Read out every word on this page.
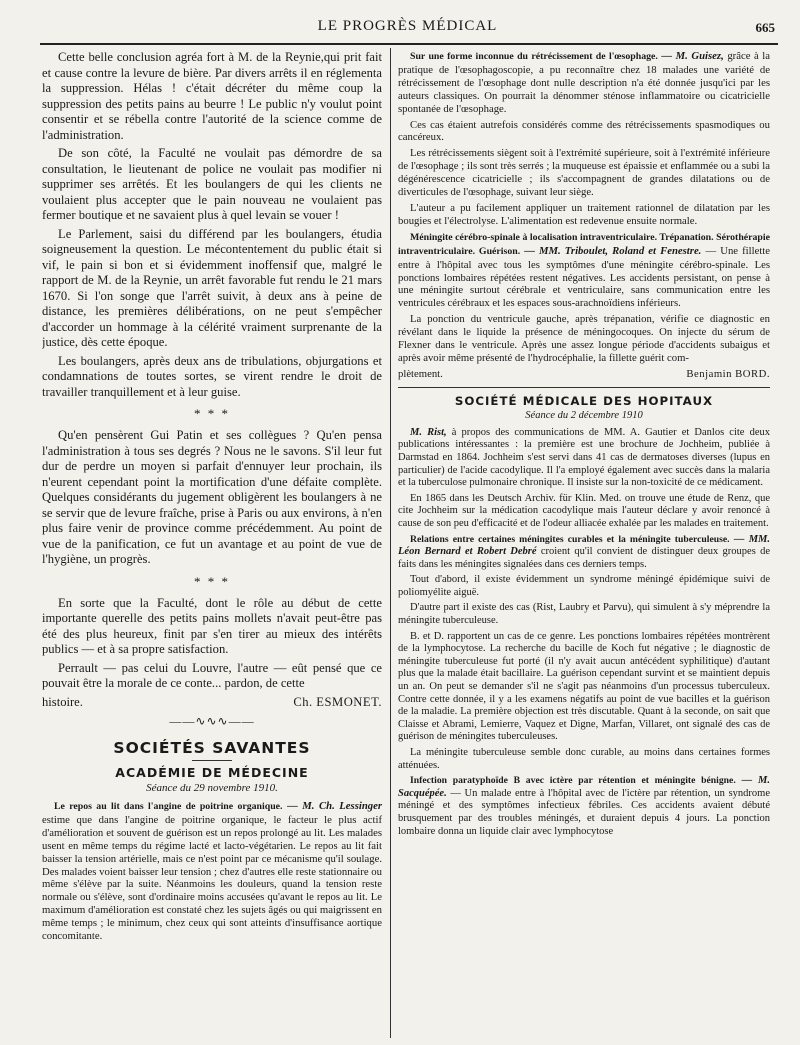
LE PROGRÈS MÉDICAL	665

Cette belle conclusion agréa fort à M. de la Reynie,qui prit fait et cause contre la levure de bière. Par divers arrêts il en réglementa la suppression. Hélas ! c'était décréter du même coup la suppression des petits pains au beurre ! Le public n'y voulut point consentir et se rébella contre l'autorité de la science comme de l'administration.

De son côté, la Faculté ne voulait pas démordre de sa consultation, le lieutenant de police ne voulait pas modifier ni supprimer ses arrêtés. Et les boulangers de qui les clients ne voulaient plus accepter que le pain nouveau ne voulaient pas fermer boutique et ne savaient plus à quel levain se vouer !

Le Parlement, saisi du différend par les boulangers, étudia soigneusement la question. Le mécontentement du public était si vif, le pain si bon et si évidemment inoffensif que, malgré le rapport de M. de la Reynie, un arrêt favorable fut rendu le 21 mars 1670. Si l'on songe que l'arrêt suivit, à deux ans à peine de distance, les premières délibérations, on ne peut s'empêcher d'accorder un hommage à la célérité vraiment surprenante de la justice, dès cette époque.

Les boulangers, après deux ans de tribulations, objurgations et condamnations de toutes sortes, se virent rendre le droit de travailler tranquillement et à leur guise.

* * *

Qu'en pensèrent Gui Patin et ses collègues ? Qu'en pensa l'administration à tous ses degrés ? Nous ne le savons. S'il leur fut dur de perdre un moyen si parfait d'ennuyer leur prochain, ils n'eurent cependant point la mortification d'une défaite complète. Quelques considérants du jugement obligèrent les boulangers à ne se servir que de levure fraîche, prise à Paris ou aux environs, à n'en plus faire venir de province comme précédemment. Au point de vue de la panification, ce fut un avantage et au point de vue de l'hygiène, un progrès.

* * *

En sorte que la Faculté, dont le rôle au début de cette importante querelle des petits pains mollets n'avait peut-être pas été des plus heureux, finit par s'en tirer au mieux des intérêts publics — et à sa propre satisfaction.

Perrault — pas celui du Louvre, l'autre — eût pensé que ce pouvait être la morale de ce conte... pardon, de cette

histoire.	Ch. ESMONET.
——∿∿∿——
SOCIÉTÉS SAVANTES
ACADÉMIE DE MÉDECINE
Séance du 29 novembre 1910.

Le repos au lit dans l'angine de poitrine organique. — M. Ch. Lessinger estime que dans l'angine de poitrine organique, le facteur le plus actif d'amélioration et souvent de guérison est un repos prolongé au lit. Les malades usent en même temps du régime lacté et lacto-végétarien. Le repos au lit fait baisser la tension artérielle, mais ce n'est point par ce mécanisme qu'il soulage. Des malades voient baisser leur tension ; chez d'autres elle reste stationnaire ou même s'élève par la suite. Néanmoins les douleurs, quand la tension reste normale ou s'élève, sont d'ordinaire moins accusées qu'avant le repos au lit. Le maximum d'amélioration est constaté chez les sujets âgés ou qui maigrissent en même temps ; le minimum, chez ceux qui sont atteints d'insuffisance aortique concomitante.

Sur une forme inconnue du rétrécissement de l'œsophage. — M. Guisez, grâce à la pratique de l'œsophagoscopie, a pu reconnaître chez 18 malades une variété de rétrécissement de l'œsophage dont nulle description n'a été donnée jusqu'ici par les auteurs classiques. On pourrait la dénommer sténose inflammatoire ou cicatricielle spontanée de l'œsophage.

Ces cas étaient autrefois considérés comme des rétrécissements spasmodiques ou cancéreux.

Les rétrécissements siègent soit à l'extrémité supérieure, soit à l'extrémité inférieure de l'œsophage ; ils sont très serrés ; la muqueuse est épaissie et enflammée ou a subi la dégénérescence cicatricielle ; ils s'accompagnent de grandes dilatations ou de diverticules de l'œsophage, suivant leur siège.

L'auteur a pu facilement appliquer un traitement rationnel de dilatation par les bougies et l'électrolyse. L'alimentation est redevenue ensuite normale.

Méningite cérébro-spinale à localisation intraventriculaire. Trépanation. Sérothérapie intraventriculaire. Guérison. — MM. Triboulet, Roland et Fenestre. — Une fillette entre à l'hôpital avec tous les symptômes d'une méningite cérébro-spinale. Les ponctions lombaires répétées restent négatives. Les accidents persistant, on pense à une méningite surtout cérébrale et ventriculaire, sans communication entre les ventricules cérébraux et les espaces sous-arachnoïdiens inférieurs.

La ponction du ventricule gauche, après trépanation, vérifie ce diagnostic en révélant dans le liquide la présence de méningocoques. On injecte du sérum de Flexner dans le ventricule. Après une assez longue période d'accidents subaigus et après avoir même présenté de l'hydrocéphalie, la fillette guérit com-

plètement.	Benjamin BORD.
SOCIÉTÉ MÉDICALE DES HOPITAUX
Séance du 2 décembre 1910

M. Rist, à propos des communications de MM. A. Gautier et Danlos cite deux publications intéressantes : la première est une brochure de Jochheim, publiée à Darmstad en 1864. Jochheim s'est servi dans 41 cas de dermatoses diverses (lupus en particulier) de l'acide cacodylique. Il l'a employé également avec succès dans la malaria et la tuberculose pulmonaire chronique. Il insiste sur la non-toxicité de ce médicament.

En 1865 dans les Deutsch Archiv. für Klin. Med. on trouve une étude de Renz, que cite Jochheim sur la médication cacodylique mais l'auteur déclare y avoir renoncé à cause de son peu d'efficacité et de l'odeur alliacée exhalée par les malades en traitement.

Relations entre certaines méningites curables et la méningite tuberculeuse. — MM. Léon Bernard et Robert Debré croient qu'il convient de distinguer deux groupes de faits dans les méningites signalées dans ces derniers temps.

Tout d'abord, il existe évidemment un syndrome méningé épidémique suivi de poliomyélite aiguë.

D'autre part il existe des cas (Rist, Laubry et Parvu), qui simulent à s'y méprendre la méningite tuberculeuse.

B. et D. rapportent un cas de ce genre. Les ponctions lombaires répétées montrèrent de la lymphocytose. La recherche du bacille de Koch fut négative ; le diagnostic de méningite tuberculeuse fut porté (il n'y avait aucun antécédent syphilitique) d'autant plus que la malade était bacillaire. La guérison cependant survint et se maintient depuis un an. On peut se demander s'il ne s'agit pas néanmoins d'un processus tuberculeux. Contre cette donnée, il y a les examens négatifs au point de vue bacilles et la guérison de la maladie. La première objection est très discutable. Quant à la seconde, on sait que Claisse et Abrami, Lemierre, Vaquez et Digne, Marfan, Villaret, ont signalé des cas de guérison de méningites tuberculeuses.

La méningite tuberculeuse semble donc curable, au moins dans certaines formes atténuées.

Infection paratyphoïde B avec ictère par rétention et méningite bénigne. — M. Sacquépée. — Un malade entre à l'hôpital avec de l'ictère par rétention, un syndrome méningé et des symptômes infectieux fébriles. Ces accidents avaient débuté brusquement par des troubles méningés, et duraient depuis 4 jours. La ponction lombaire donna un liquide clair avec lymphocytose
